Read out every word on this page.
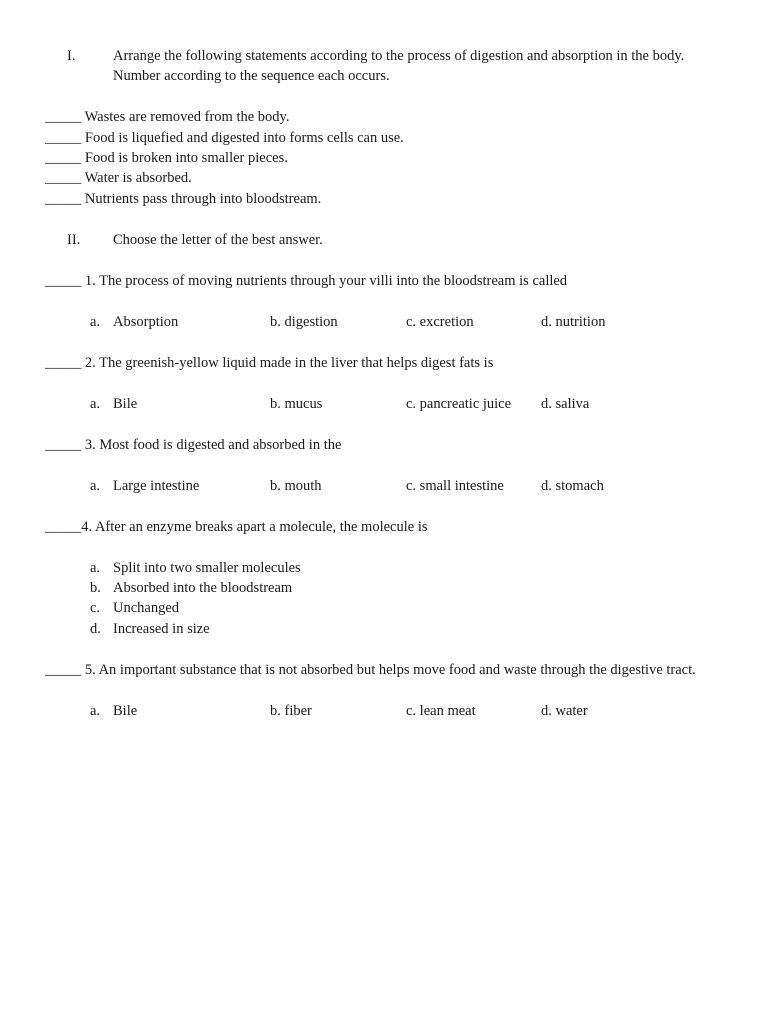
I.	Arrange the following statements according to the process of digestion and absorption in the body.
Number according to the sequence each occurs.
_____ Wastes are removed from the body.
_____ Food is liquefied and digested into forms cells can use.
_____ Food is broken into smaller pieces.
_____ Water is absorbed.
_____ Nutrients pass through into bloodstream.
II. Choose the letter of the best answer.
_____ 1. The process of moving nutrients through your villi into the bloodstream is called
a. Absorption	b. digestion	c. excretion	d. nutrition
_____ 2. The greenish-yellow liquid made in the liver that helps digest fats is
a. Bile	b. mucus	c. pancreatic juice d. saliva
_____ 3. Most food is digested and absorbed in the
a. Large intestine	b. mouth	c. small intestine	d. stomach
_____4. After an enzyme breaks apart a molecule, the molecule is
a. Split into two smaller molecules
b. Absorbed into the bloodstream
c. Unchanged
d. Increased in size
_____ 5. An important substance that is not absorbed but helps move food and waste through the digestive tract.
a. Bile	b. fiber	c. lean meat	d. water
